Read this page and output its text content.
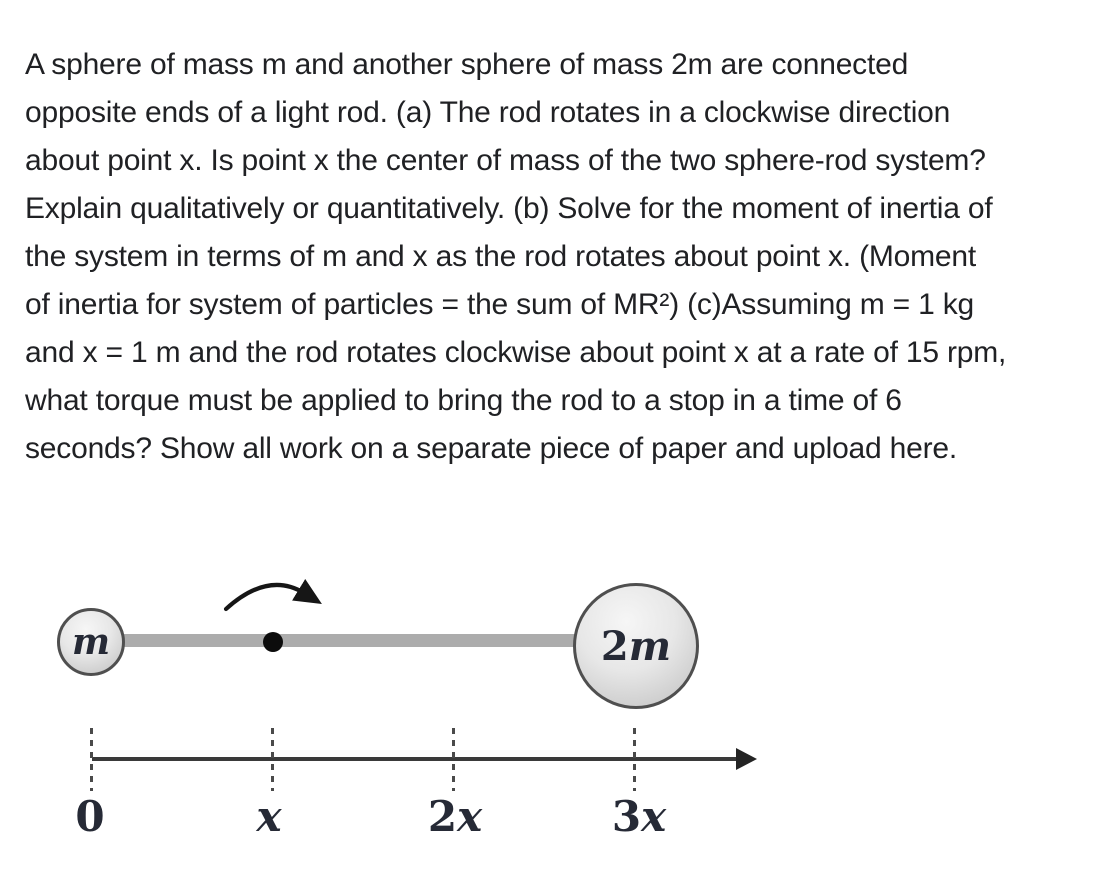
A sphere of mass m and another sphere of mass 2m are connected
opposite ends of a light rod. (a) The rod rotates in a clockwise direction
about point x. Is point x the center of mass of the two sphere-rod system?
Explain qualitatively or quantitatively. (b) Solve for the moment of inertia of
the system in terms of m and x as the rod rotates about point x. (Moment
of inertia for system of particles = the sum of MR²) (c)Assuming m = 1 kg
and x = 1 m and the rod rotates clockwise about point x at a rate of 15 rpm,
what torque must be applied to bring the rod to a stop in a time of 6
seconds? Show all work on a separate piece of paper and upload here.
m	2m
0	x	2x	3x
